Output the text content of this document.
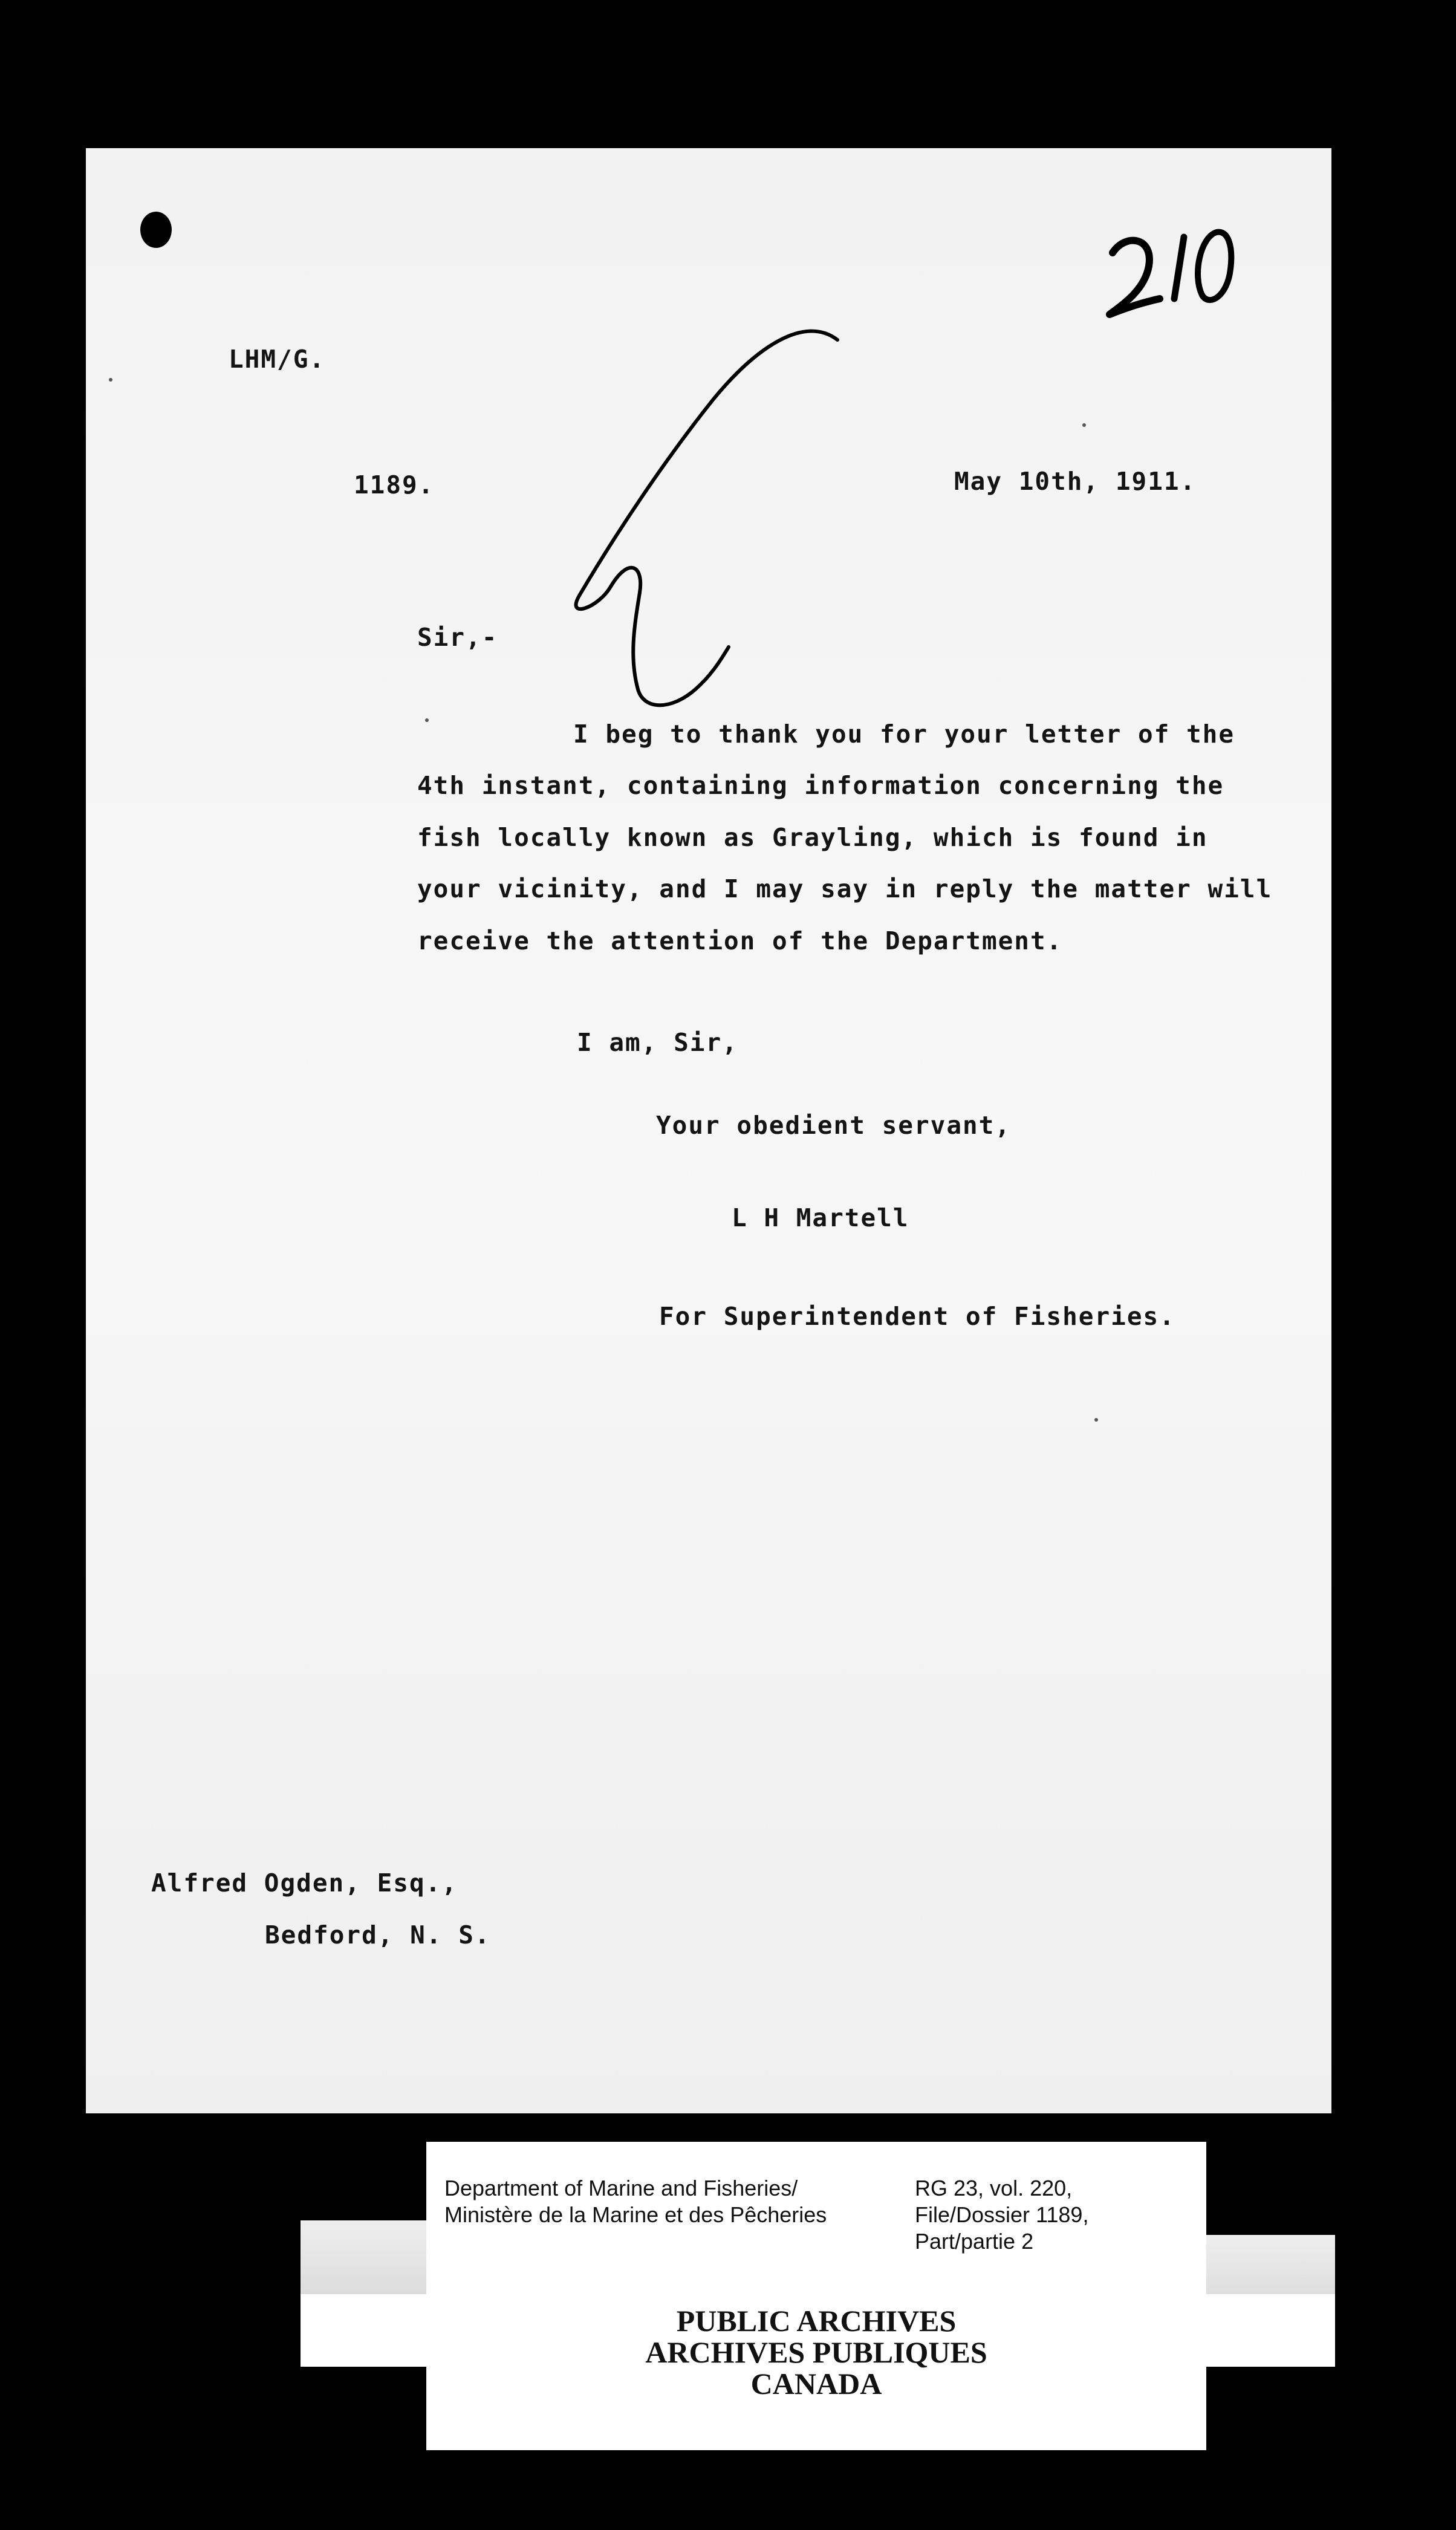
LHM/G.
1189.	May 10th, 1911.
Sir,-
I beg to thank you for your letter of the
4th instant, containing information concerning the
fish locally known as Grayling, which is found in
your vicinity, and I may say in reply the matter will
receive the attention of the Department.
I am, Sir,
Your obedient servant,
L H Martell
For Superintendent of Fisheries.
Alfred Ogden, Esq.,
Bedford, N. S.
Department of Marine and Fisheries/
Ministère de la Marine et des Pêcheries
RG 23, vol. 220,
File/Dossier 1189,
Part/partie 2
PUBLIC ARCHIVES
ARCHIVES PUBLIQUES
CANADA
